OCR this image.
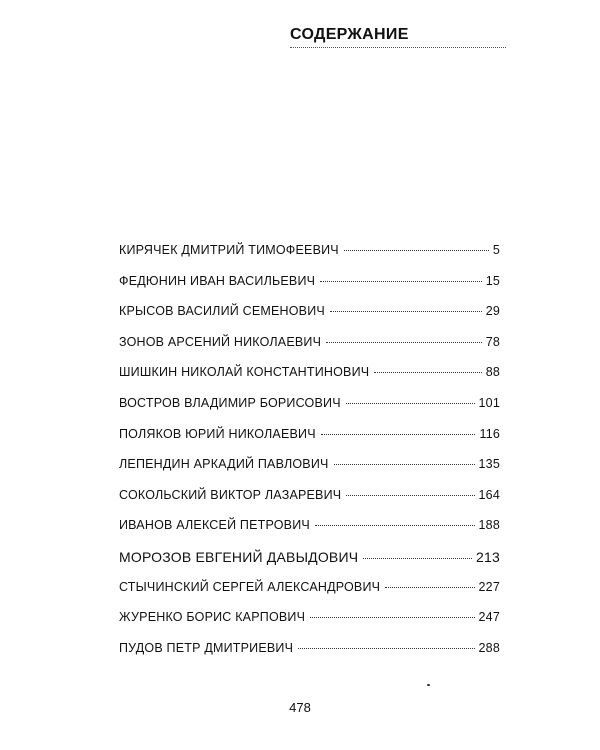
СОДЕРЖАНИЕ
КИРЯЧЕК ДМИТРИЙ ТИМОФЕЕВИЧ	5
ФЕДЮНИН ИВАН ВАСИЛЬЕВИЧ	15
КРЫСОВ ВАСИЛИЙ СЕМЕНОВИЧ	29
ЗОНОВ АРСЕНИЙ НИКОЛАЕВИЧ	78
ШИШКИН НИКОЛАЙ КОНСТАНТИНОВИЧ	88
ВОСТРОВ ВЛАДИМИР БОРИСОВИЧ	101
ПОЛЯКОВ ЮРИЙ НИКОЛАЕВИЧ	116
ЛЕПЕНДИН АРКАДИЙ ПАВЛОВИЧ	135
СОКОЛЬСКИЙ ВИКТОР ЛАЗАРЕВИЧ	164
ИВАНОВ АЛЕКСЕЙ ПЕТРОВИЧ	188
МОРОЗОВ ЕВГЕНИЙ ДАВЫДОВИЧ	213
СТЫЧИНСКИЙ СЕРГЕЙ АЛЕКСАНДРОВИЧ	227
ЖУРЕНКО БОРИС КАРПОВИЧ	247
ПУДОВ ПЕТР ДМИТРИЕВИЧ	288
478
